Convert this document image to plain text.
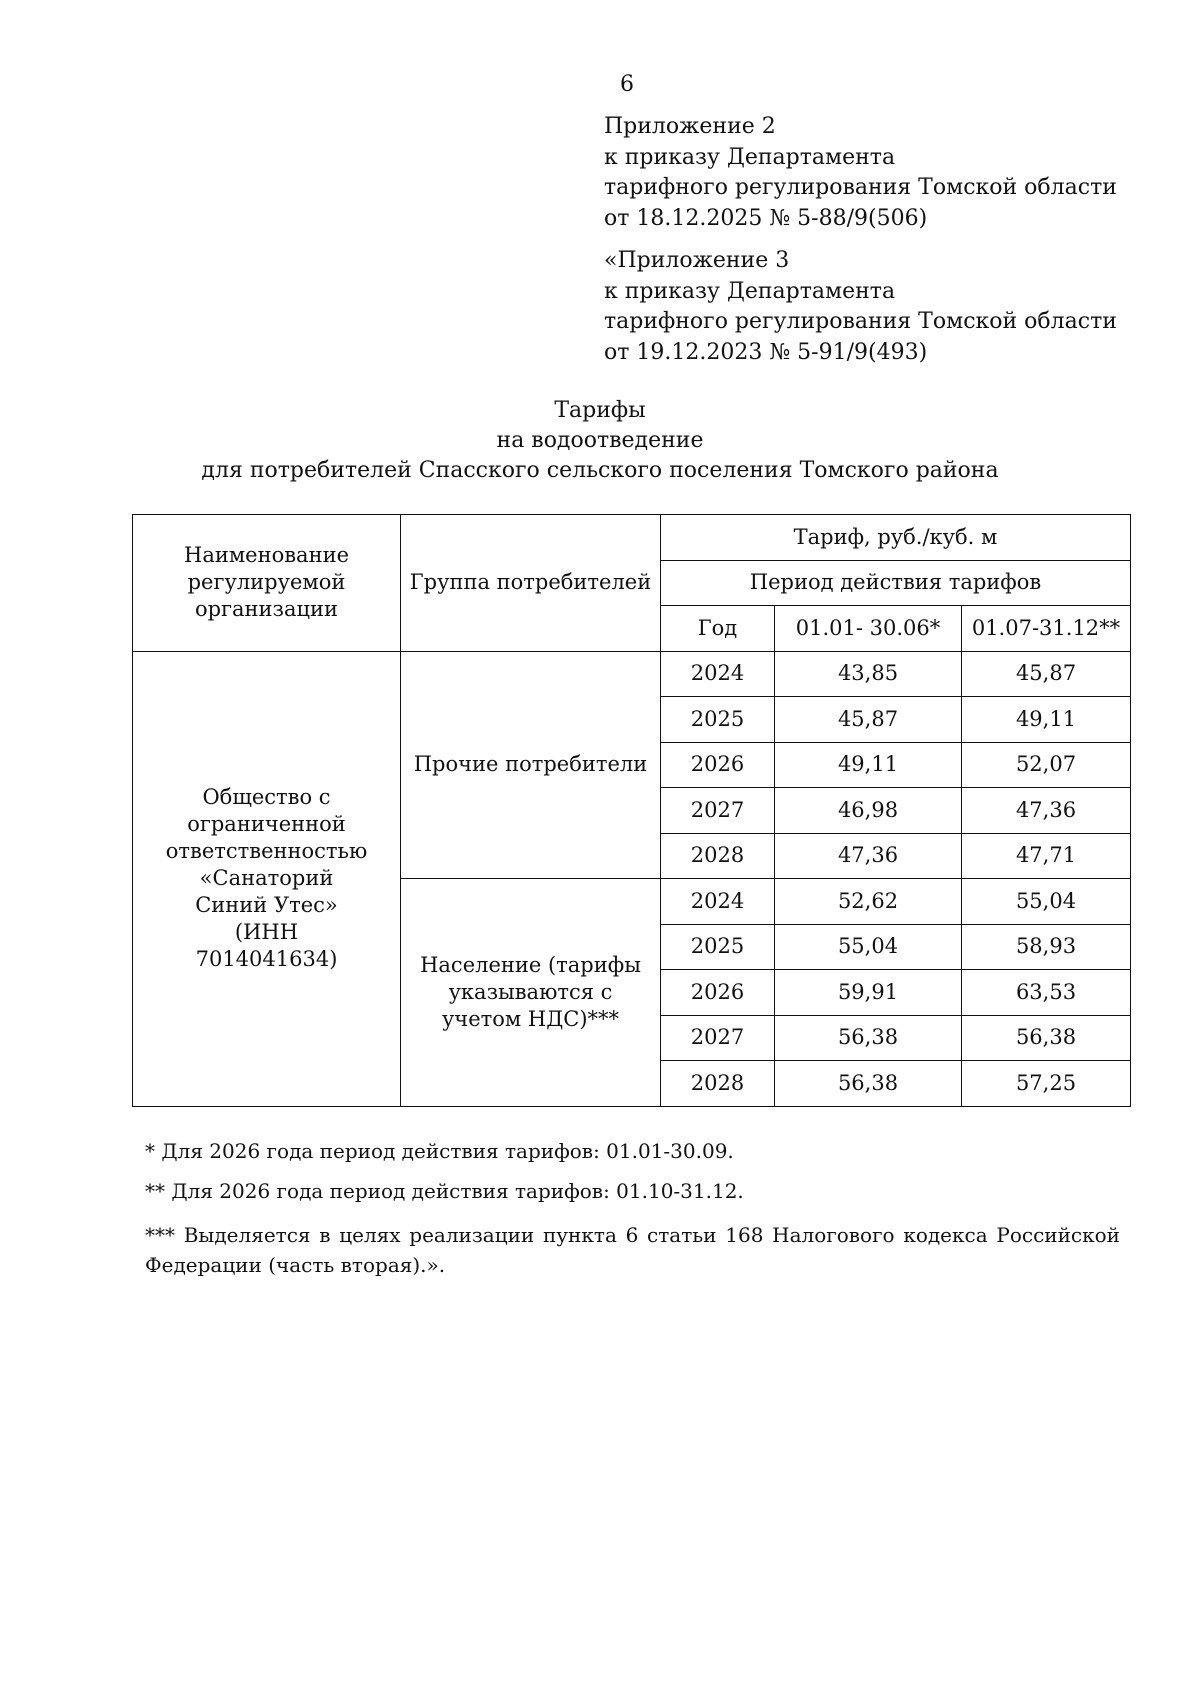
6
Приложение 2
к приказу Департамента
тарифного регулирования Томской области
от 18.12.2025 № 5-88/9(506)
«Приложение 3
к приказу Департамента
тарифного регулирования Томской области
от 19.12.2023 № 5-91/9(493)
Тарифы
на водоотведение
для потребителей Спасского сельского поселения Томского района
Наименование регулируемой организации	Группа потребителей	Тариф, руб./куб. м		
		Период действия тарифов		
		Год	01.01- 30.06*	01.07-31.12**
Общество с ограниченной ответственностью «Санаторий Синий Утес»
(ИНН 7014041634)	Прочие потребители	2024	43,85	45,87
		2025	45,87	49,11
		2026	49,11	52,07
		2027	46,98	47,36
		2028	47,36	47,71
	Население (тарифы указываются с учетом НДС)***	2024	52,62	55,04
		2025	55,04	58,93
		2026	59,91	63,53
		2027	56,38	56,38
		2028	56,38	57,25
* Для 2026 года период действия тарифов: 01.01-30.09.
** Для 2026 года период действия тарифов: 01.10-31.12.
*** Выделяется в целях реализации пункта 6 статьи 168 Налогового кодекса Российской Федерации (часть вторая).».
